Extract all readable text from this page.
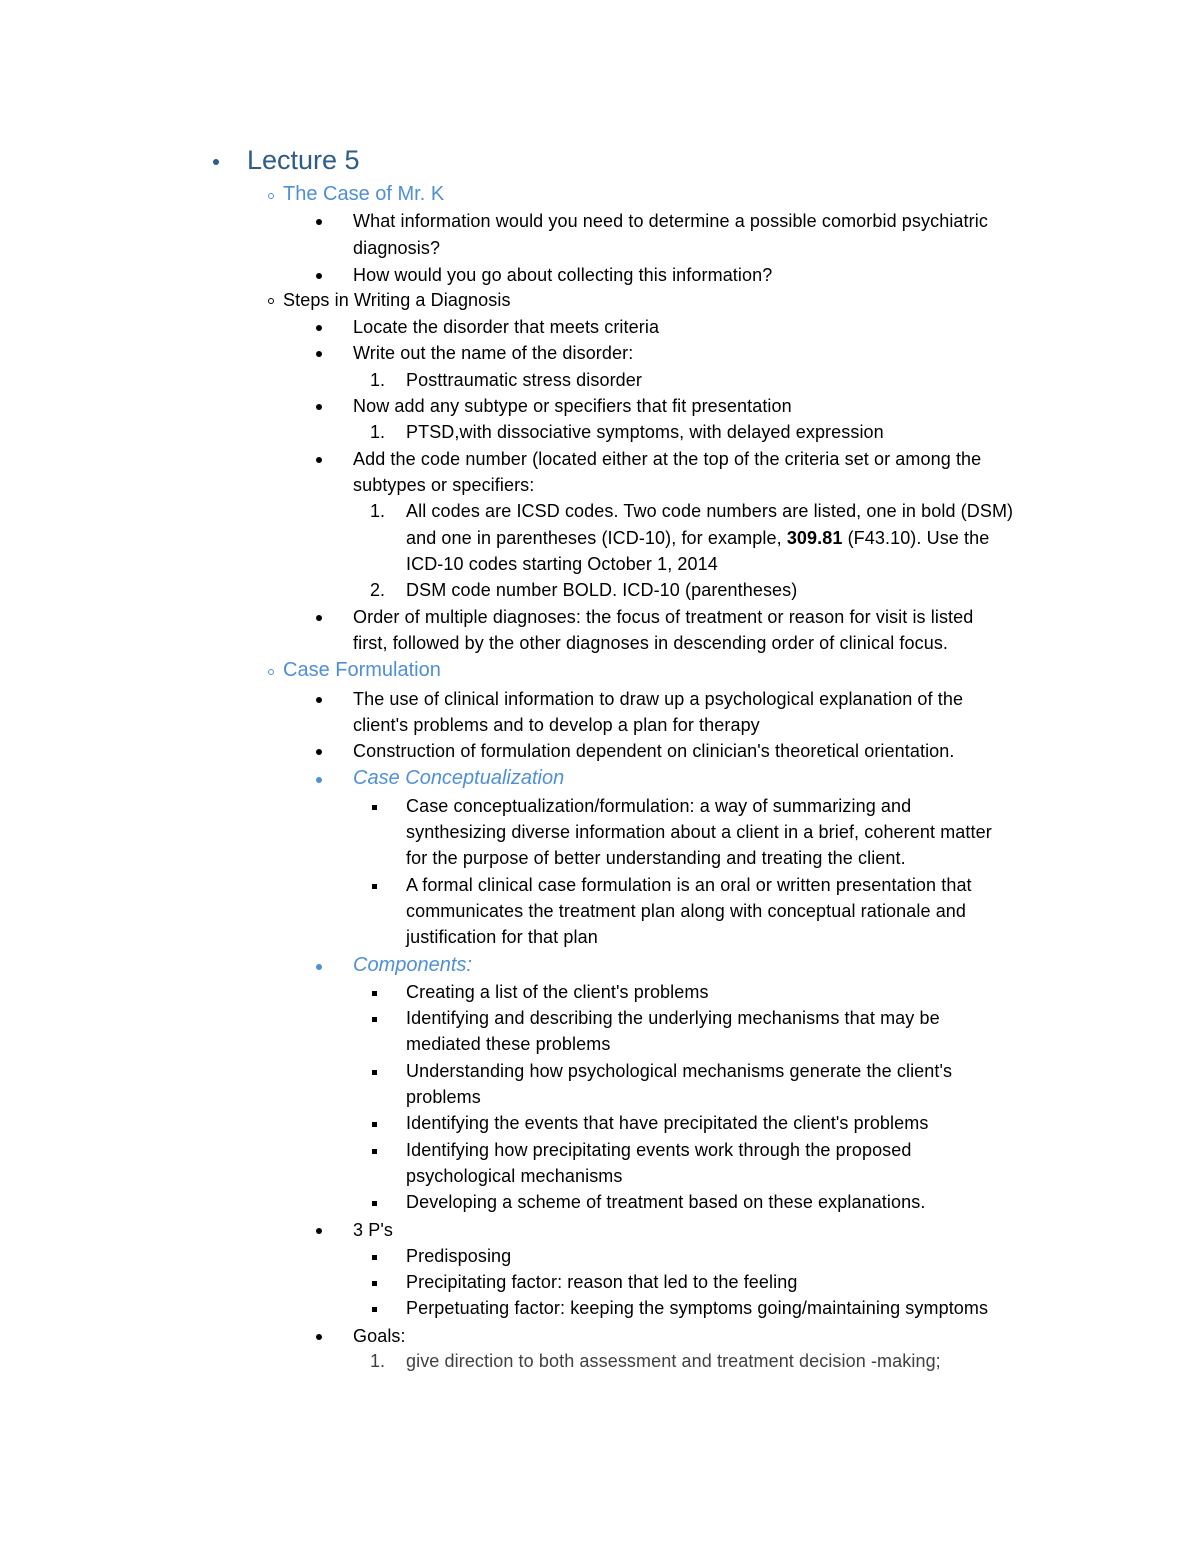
Lecture 5
The Case of Mr. K
What information would you need to determine a possible comorbid psychiatric
diagnosis?
How would you go about collecting this information?
Steps in Writing a Diagnosis
Locate the disorder that meets criteria
Write out the name of the disorder:
1. Posttraumatic stress disorder
Now add any subtype or specifiers that fit presentation
1. PTSD,with dissociative symptoms, with delayed expression
Add the code number (located either at the top of the criteria set or among the
subtypes or specifiers:
1. All codes are ICSD codes. Two code numbers are listed, one in bold (DSM)
and one in parentheses (ICD-10), for example, 309.81 (F43.10). Use the
ICD-10 codes starting October 1, 2014
2. DSM code number BOLD. ICD-10 (parentheses)
Order of multiple diagnoses: the focus of treatment or reason for visit is listed
first, followed by the other diagnoses in descending order of clinical focus.
Case Formulation
The use of clinical information to draw up a psychological explanation of the
client's problems and to develop a plan for therapy
Construction of formulation dependent on clinician's theoretical orientation.
Case Conceptualization
Case conceptualization/formulation: a way of summarizing and
synthesizing diverse information about a client in a brief, coherent matter
for the purpose of better understanding and treating the client.
A formal clinical case formulation is an oral or written presentation that
communicates the treatment plan along with conceptual rationale and
justification for that plan
Components:
Creating a list of the client's problems
Identifying and describing the underlying mechanisms that may be
mediated these problems
Understanding how psychological mechanisms generate the client's
problems
Identifying the events that have precipitated the client's problems
Identifying how precipitating events work through the proposed
psychological mechanisms
Developing a scheme of treatment based on these explanations.
3 P's
Predisposing
Precipitating factor: reason that led to the feeling
Perpetuating factor: keeping the symptoms going/maintaining symptoms
Goals:
1. give direction to both assessment and treatment decision -making;
